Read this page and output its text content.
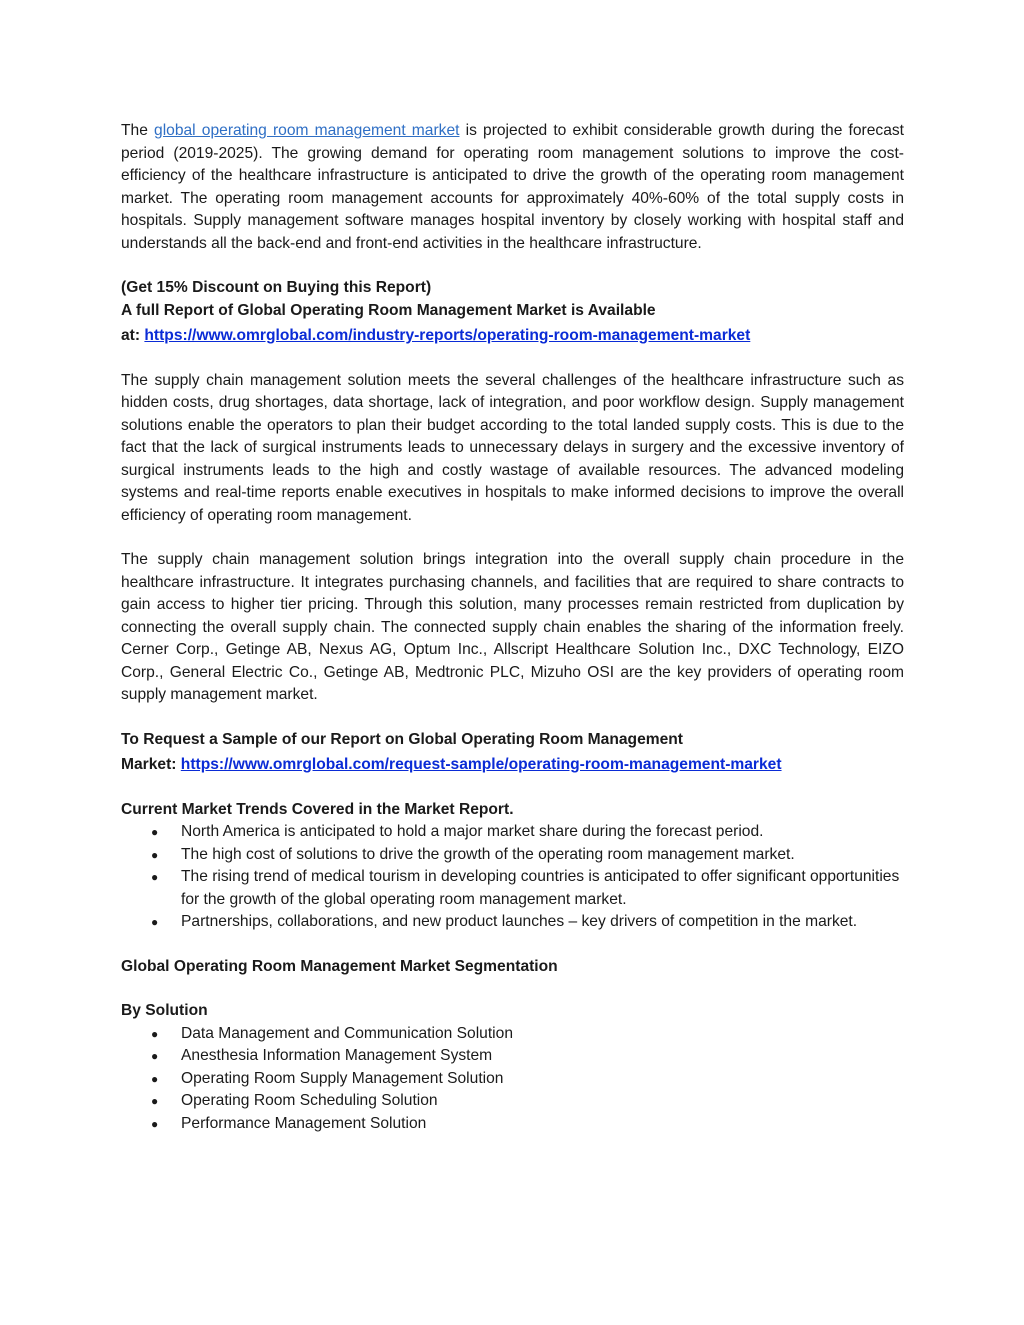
The global operating room management market is projected to exhibit considerable growth during the forecast period (2019-2025). The growing demand for operating room management solutions to improve the cost-efficiency of the healthcare infrastructure is anticipated to drive the growth of the operating room management market. The operating room management accounts for approximately 40%-60% of the total supply costs in hospitals. Supply management software manages hospital inventory by closely working with hospital staff and understands all the back-end and front-end activities in the healthcare infrastructure.

(Get 15% Discount on Buying this Report)

A full Report of Global Operating Room Management Market is Available

at: https://www.omrglobal.com/industry-reports/operating-room-management-market

The supply chain management solution meets the several challenges of the healthcare infrastructure such as hidden costs, drug shortages, data shortage, lack of integration, and poor workflow design. Supply management solutions enable the operators to plan their budget according to the total landed supply costs. This is due to the fact that the lack of surgical instruments leads to unnecessary delays in surgery and the excessive inventory of surgical instruments leads to the high and costly wastage of available resources. The advanced modeling systems and real-time reports enable executives in hospitals to make informed decisions to improve the overall efficiency of operating room management.

The supply chain management solution brings integration into the overall supply chain procedure in the healthcare infrastructure. It integrates purchasing channels, and facilities that are required to share contracts to gain access to higher tier pricing. Through this solution, many processes remain restricted from duplication by connecting the overall supply chain. The connected supply chain enables the sharing of the information freely. Cerner Corp., Getinge AB, Nexus AG, Optum Inc., Allscript Healthcare Solution Inc., DXC Technology, EIZO Corp., General Electric Co., Getinge AB, Medtronic PLC, Mizuho OSI are the key providers of operating room supply management market.

To Request a Sample of our Report on Global Operating Room Management

Market: https://www.omrglobal.com/request-sample/operating-room-management-market

Current Market Trends Covered in the Market Report.

● North America is anticipated to hold a major market share during the forecast period.
● The high cost of solutions to drive the growth of the operating room management market.
● The rising trend of medical tourism in developing countries is anticipated to offer significant opportunities for the growth of the global operating room management market.
● Partnerships, collaborations, and new product launches – key drivers of competition in the market.

Global Operating Room Management Market Segmentation

By Solution

● Data Management and Communication Solution
● Anesthesia Information Management System
● Operating Room Supply Management Solution
● Operating Room Scheduling Solution
● Performance Management Solution
